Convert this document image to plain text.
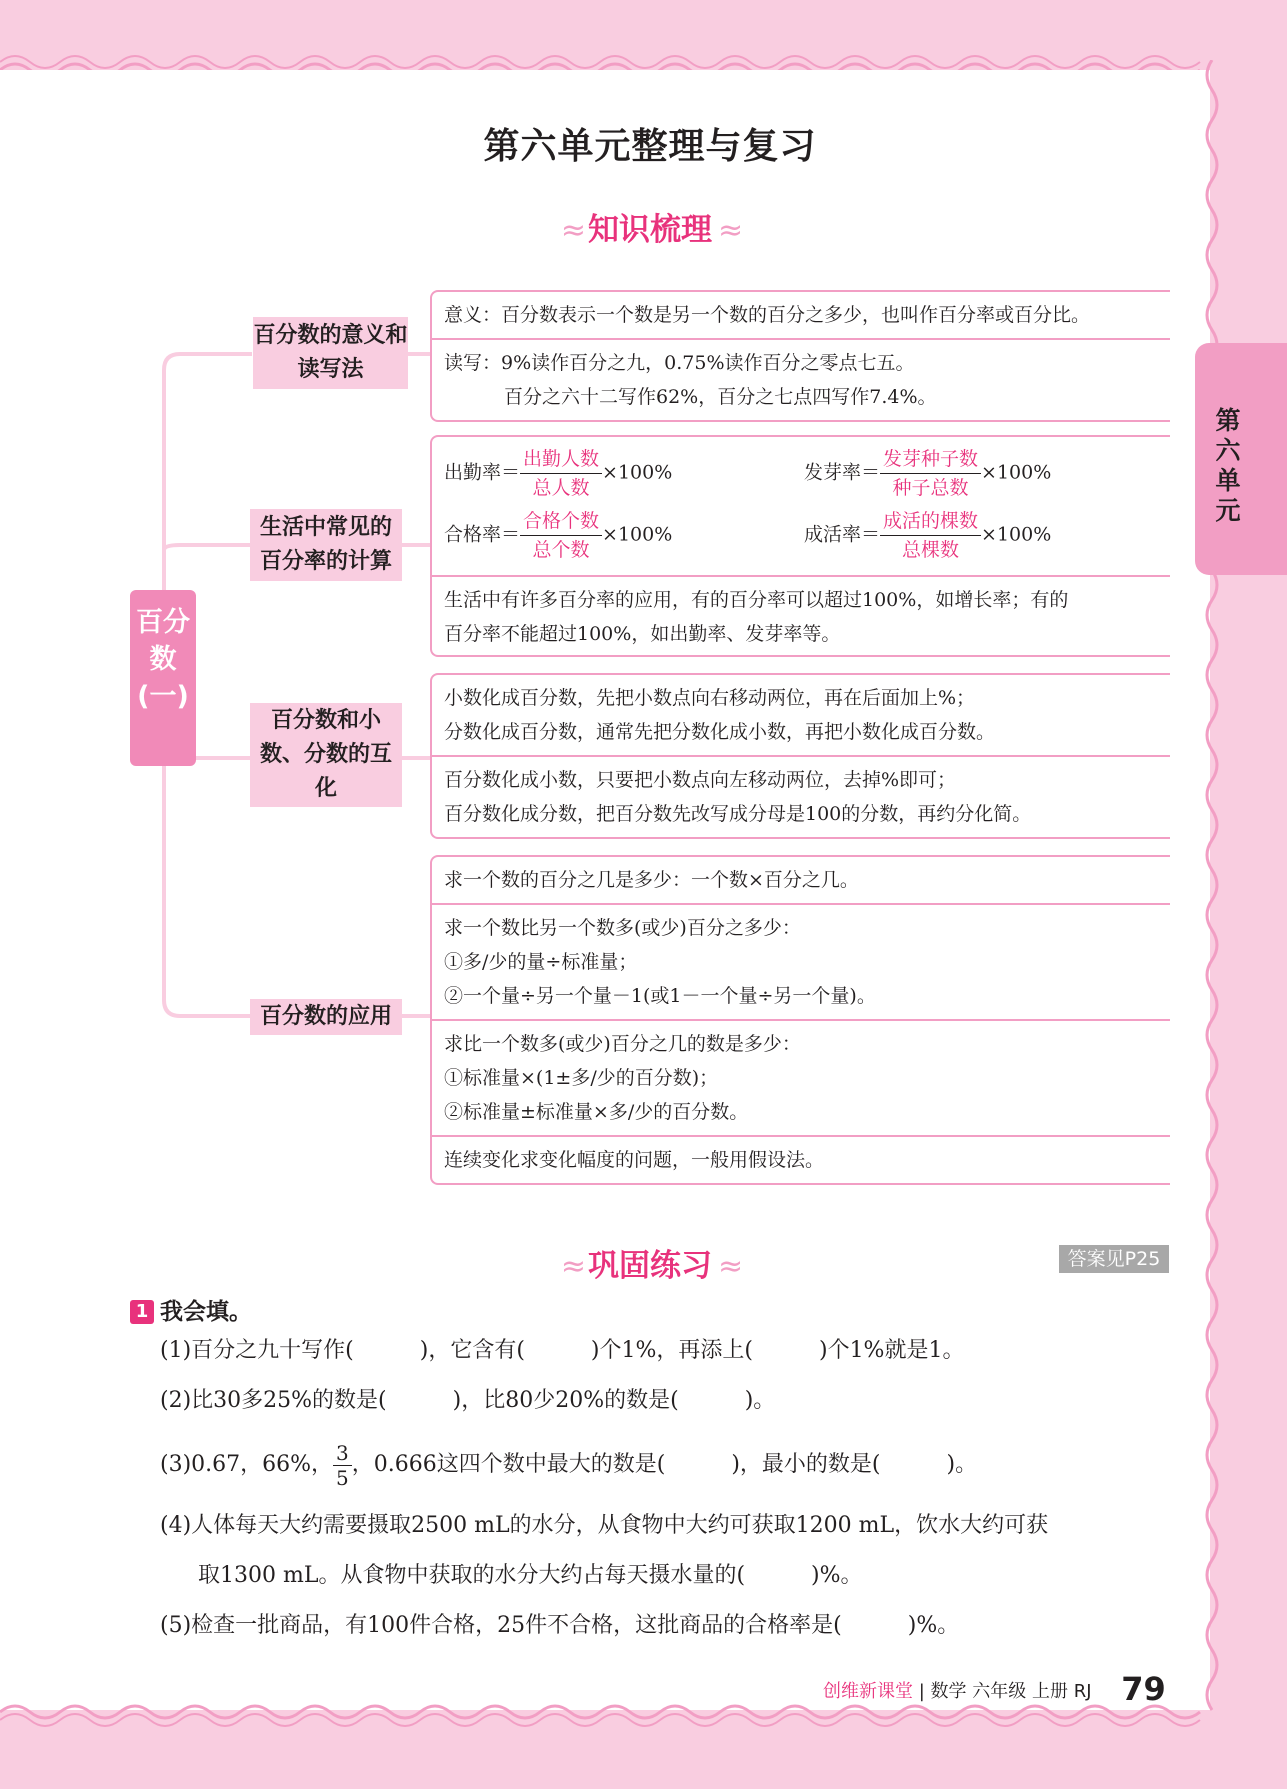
第六单元整理与复习
≈ 知识梳理 ≈
第六单元
百分数(一)
百分数的意义和读写法
生活中常见的百分率的计算
百分数和小数、分数的互化
百分数的应用
意义：百分数表示一个数是另一个数的百分之多少，也叫作百分率或百分比。
读写：9%读作百分之九，0.75%读作百分之零点七五。
百分之六十二写作62%，百分之七点四写作7.4%。
出勤率＝
出勤人数
总人数
×100%	发芽率＝
发芽种子数
种子总数
×100%
合格率＝
合格个数
总个数
×100%	成活率＝
成活的棵数
总棵数
×100%
生活中有许多百分率的应用，有的百分率可以超过100%，如增长率；有的
百分率不能超过100%，如出勤率、发芽率等。
小数化成百分数，先把小数点向右移动两位，再在后面加上%；
分数化成百分数，通常先把分数化成小数，再把小数化成百分数。
百分数化成小数，只要把小数点向左移动两位，去掉%即可；
百分数化成分数，把百分数先改写成分母是100的分数，再约分化简。
求一个数的百分之几是多少：一个数×百分之几。
求一个数比另一个数多(或少)百分之多少：
①多/少的量÷标准量；
②一个量÷另一个量－1(或1－一个量÷另一个量)。
求比一个数多(或少)百分之几的数是多少：
①标准量×(1±多/少的百分数)；
②标准量±标准量×多/少的百分数。
连续变化求变化幅度的问题，一般用假设法。
≈ 巩固练习 ≈	答案见P25
1 我会填。
(1)百分之九十写作(　　　)，它含有(　　　)个1%，再添上(　　　)个1%就是1。
(2)比30多25%的数是(　　　)，比80少20%的数是(　　　)。
(3)0.67，66%， $\frac{3}{5}$ ，0.666这四个数中最大的数是(　　　)，最小的数是(　　　)。
(4)人体每天大约需要摄取2500 mL的水分，从食物中大约可获取1200 mL，饮水大约可获
取1300 mL。从食物中获取的水分大约占每天摄水量的(　　　)%。
(5)检查一批商品，有100件合格，25件不合格，这批商品的合格率是(　　　)%。
创维新课堂 | 数学 六年级 上册 RJ 79
